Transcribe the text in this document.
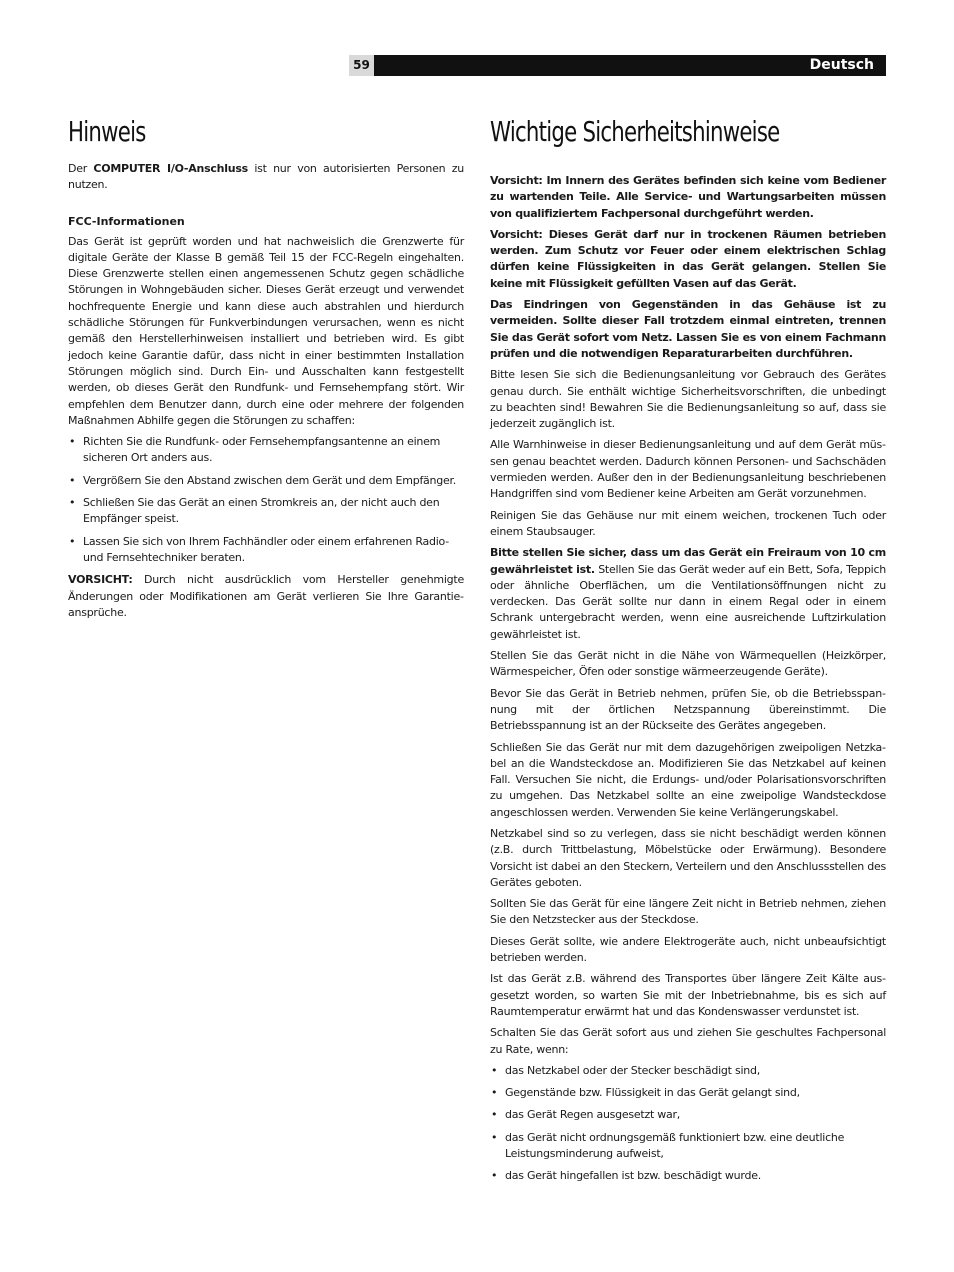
59	Deutsch
Hinweis

Der COMPUTER I/O-Anschluss ist nur von autorisierten Personen zu nutzen.

FCC-Informationen

Das Gerät ist geprüft worden und hat nachweislich die Grenzwerte für digitale Geräte der Klasse B gemäß Teil 15 der FCC-Regeln eingehalten. Diese Grenzwerte stellen einen angemessenen Schutz gegen schädliche Störungen in Wohngebäuden sicher. Dieses Gerät erzeugt und verwendet hochfrequente Energie und kann diese auch abstrahlen und hierdurch schädliche Störungen für Funkverbindungen verursachen, wenn es nicht gemäß den Herstellerhinweisen installiert und betrieben wird. Es gibt jedoch keine Garantie dafür, dass nicht in einer bestimmten Installation Störungen möglich sind. Durch Ein- und Ausschalten kann festgestellt werden, ob dieses Gerät den Rundfunk- und Fernsehempfang stört. Wir empfehlen dem Benutzer dann, durch eine oder mehrere der folgenden Maßnahmen Abhilfe gegen die Störungen zu schaffen:

• Richten Sie die Rundfunk- oder Fernsehempfangsantenne an einem sicheren Ort anders aus.
• Vergrößern Sie den Abstand zwischen dem Gerät und dem Empfänger.
• Schließen Sie das Gerät an einen Stromkreis an, der nicht auch den Empfänger speist.
• Lassen Sie sich von Ihrem Fachhändler oder einem erfahrenen Radio- und Fernsehtechniker beraten.

VORSICHT: Durch nicht ausdrücklich vom Hersteller genehmigte Änderungen oder Modifikationen am Gerät verlieren Sie Ihre Garantieansprüche.

Wichtige Sicherheitshinweise

Vorsicht: Im Innern des Gerätes befinden sich keine vom Bediener zu wartenden Teile. Alle Service- und Wartungsarbeiten müssen von qualifiziertem Fachpersonal durchgeführt werden.

Vorsicht: Dieses Gerät darf nur in trockenen Räumen betrieben werden. Zum Schutz vor Feuer oder einem elektrischen Schlag dürfen keine Flüssigkeiten in das Gerät gelangen. Stellen Sie keine mit Flüssigkeit gefüllten Vasen auf das Gerät.

Das Eindringen von Gegenständen in das Gehäuse ist zu vermeiden. Sollte dieser Fall trotzdem einmal eintreten, trennen Sie das Gerät sofort vom Netz. Lassen Sie es von einem Fachmann prüfen und die notwendigen Reparaturarbeiten durchführen.

Bitte lesen Sie sich die Bedienungsanleitung vor Gebrauch des Gerätes genau durch. Sie enthält wichtige Sicherheitsvorschriften, die unbedingt zu beachten sind! Bewahren Sie die Bedienungsanleitung so auf, dass sie jederzeit zugänglich ist.

Alle Warnhinweise in dieser Bedienungsanleitung und auf dem Gerät müssen genau beachtet werden. Dadurch können Personen- und Sachschäden vermieden werden. Außer den in der Bedienungsanleitung beschriebenen Handgriffen sind vom Bediener keine Arbeiten am Gerät vorzunehmen.

Reinigen Sie das Gehäuse nur mit einem weichen, trockenen Tuch oder einem Staubsauger.

Bitte stellen Sie sicher, dass um das Gerät ein Freiraum von 10 cm gewährleistet ist. Stellen Sie das Gerät weder auf ein Bett, Sofa, Teppich oder ähnliche Oberflächen, um die Ventilationsöffnungen nicht zu verdecken. Das Gerät sollte nur dann in einem Regal oder in einem Schrank untergebracht werden, wenn eine ausreichende Luftzirkulation gewährleistet ist.

Stellen Sie das Gerät nicht in die Nähe von Wärmequellen (Heizkörper, Wärmespeicher, Öfen oder sonstige wärmeerzeugende Geräte).

Bevor Sie das Gerät in Betrieb nehmen, prüfen Sie, ob die Betriebsspannung mit der örtlichen Netzspannung übereinstimmt. Die Betriebsspannung ist an der Rückseite des Gerätes angegeben.

Schließen Sie das Gerät nur mit dem dazugehörigen zweipoligen Netzkabel an die Wandsteckdose an. Modifizieren Sie das Netzkabel auf keinen Fall. Versuchen Sie nicht, die Erdungs- und/oder Polarisationsvorschriften zu umgehen. Das Netzkabel sollte an eine zweipolige Wandsteckdose angeschlossen werden. Verwenden Sie keine Verlängerungskabel.

Netzkabel sind so zu verlegen, dass sie nicht beschädigt werden können (z.B. durch Trittbelastung, Möbelstücke oder Erwärmung). Besondere Vorsicht ist dabei an den Steckern, Verteilern und den Anschlussstellen des Gerätes geboten.

Sollten Sie das Gerät für eine längere Zeit nicht in Betrieb nehmen, ziehen Sie den Netzstecker aus der Steckdose.

Dieses Gerät sollte, wie andere Elektrogeräte auch, nicht unbeaufsichtigt betrieben werden.

Ist das Gerät z.B. während des Transportes über längere Zeit Kälte ausgesetzt worden, so warten Sie mit der Inbetriebnahme, bis es sich auf Raumtemperatur erwärmt hat und das Kondenswasser verdunstet ist.

Schalten Sie das Gerät sofort aus und ziehen Sie geschultes Fachpersonal zu Rate, wenn:

• das Netzkabel oder der Stecker beschädigt sind,
• Gegenstände bzw. Flüssigkeit in das Gerät gelangt sind,
• das Gerät Regen ausgesetzt war,
• das Gerät nicht ordnungsgemäß funktioniert bzw. eine deutliche Leistungsminderung aufweist,
• das Gerät hingefallen ist bzw. beschädigt wurde.
